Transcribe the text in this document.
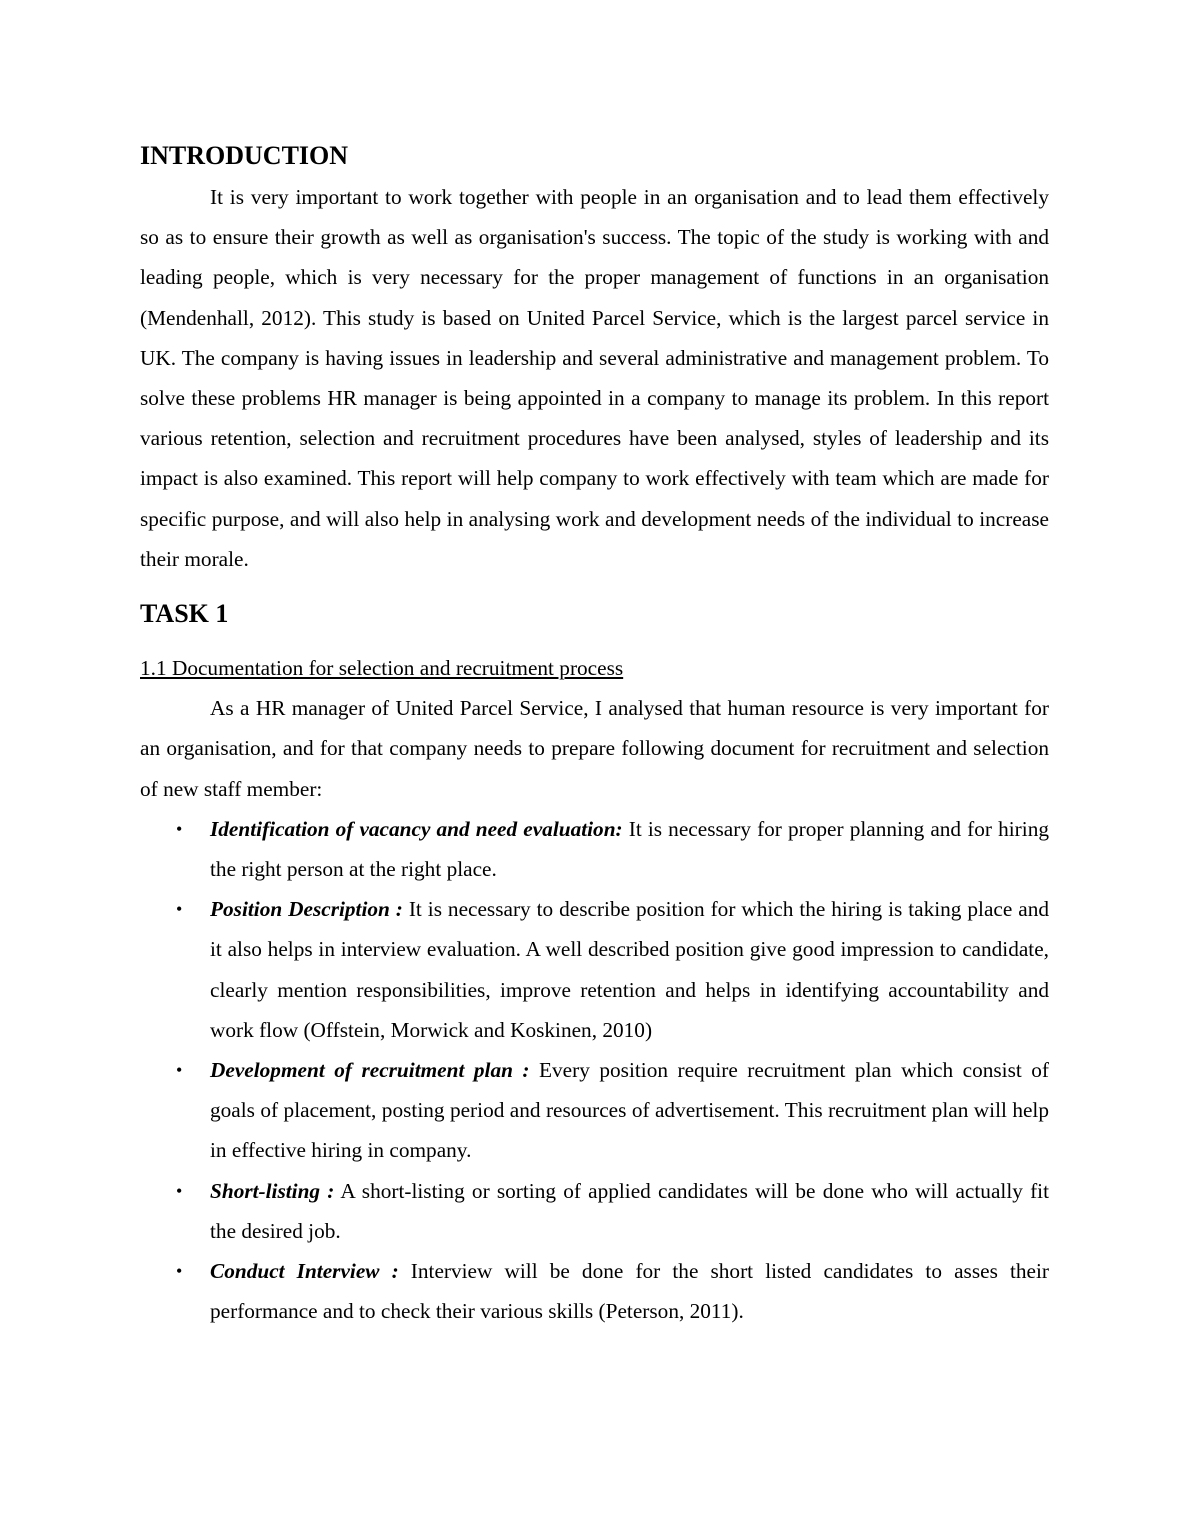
INTRODUCTION

It is very important to work together with people in an organisation and to lead them effectively so as to ensure their growth as well as organisation's success. The topic of the study is working with and leading people, which is very necessary for the proper management of functions in an organisation (Mendenhall, 2012). This study is based on United Parcel Service, which is the largest parcel service in UK. The company is having issues in leadership and several administrative and management problem. To solve these problems HR manager is being appointed in a company to manage its problem. In this report various retention, selection and recruitment procedures have been analysed, styles of leadership and its impact is also examined. This report will help company to work effectively with team which are made for specific purpose, and will also help in analysing work and development needs of the individual to increase their morale.

TASK 1

1.1 Documentation for selection and recruitment process

As a HR manager of United Parcel Service, I analysed that human resource is very important for an organisation, and for that company needs to prepare following document for recruitment and selection of new staff member:

• Identification of vacancy and need evaluation: It is necessary for proper planning and for hiring the right person at the right place.
• Position Description : It is necessary to describe position for which the hiring is taking place and it also helps in interview evaluation. A well described position give good impression to candidate, clearly mention responsibilities, improve retention and helps in identifying accountability and work flow (Offstein, Morwick and Koskinen, 2010)
• Development of recruitment plan : Every position require recruitment plan which consist of goals of placement, posting period and resources of advertisement. This recruitment plan will help in effective hiring in company.
• Short-listing : A short-listing or sorting of applied candidates will be done who will actually fit the desired job.
• Conduct Interview : Interview will be done for the short listed candidates to asses their performance and to check their various skills (Peterson, 2011).
